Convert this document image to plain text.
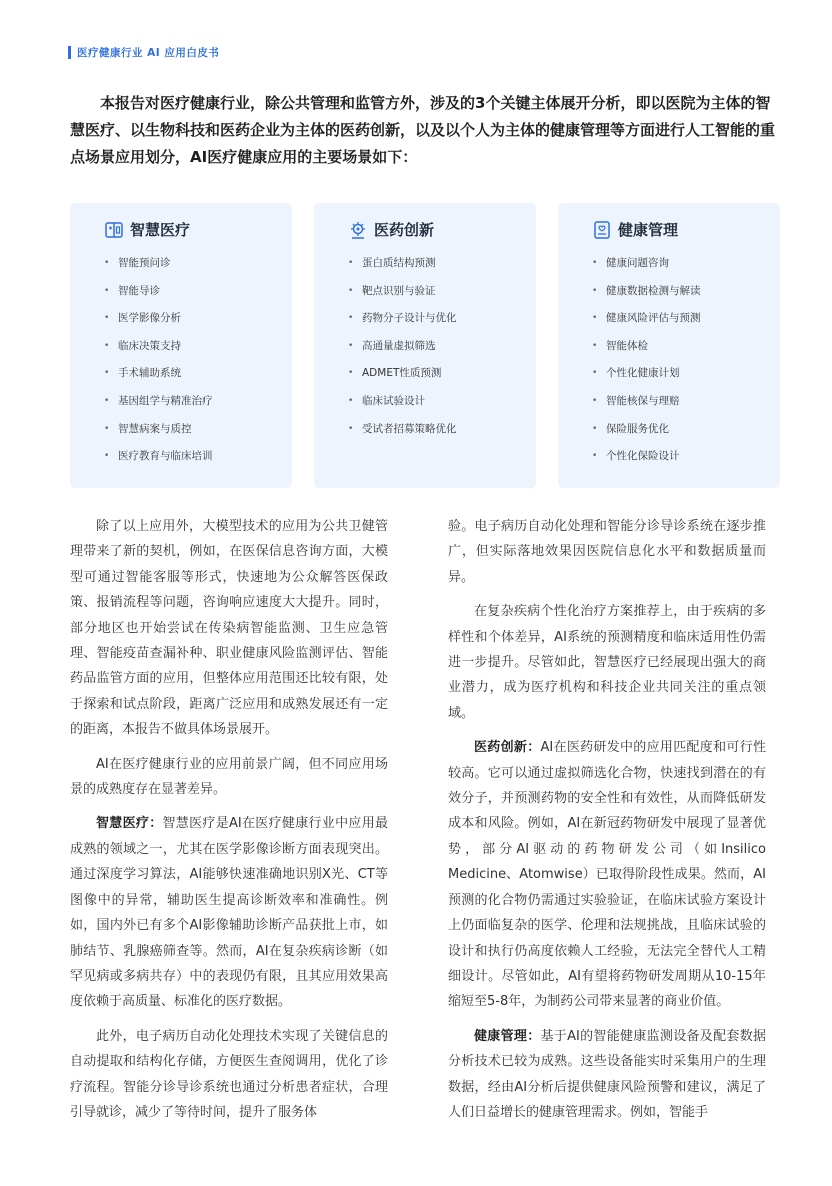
医疗健康行业 AI 应用白皮书

本报告对医疗健康行业，除公共管理和监管方外，涉及的3个关键主体展开分析，即以医院为主体的智慧医疗、以生物科技和医药企业为主体的医药创新，以及以个人为主体的健康管理等方面进行人工智能的重点场景应用划分，AI医疗健康应用的主要场景如下：

智慧医疗
• 智能预问诊
• 智能导诊
• 医学影像分析
• 临床决策支持
• 手术辅助系统
• 基因组学与精准治疗
• 智慧病案与质控
• 医疗教育与临床培训
医药创新
• 蛋白质结构预测
• 靶点识别与验证
• 药物分子设计与优化
• 高通量虚拟筛选
• ADMET性质预测
• 临床试验设计
• 受试者招募策略优化
健康管理
• 健康问题咨询
• 健康数据检测与解读
• 健康风险评估与预测
• 智能体检
• 个性化健康计划
• 智能核保与理赔
• 保险服务优化
• 个性化保险设计

除了以上应用外，大模型技术的应用为公共卫健管理带来了新的契机，例如，在医保信息咨询方面，大模型可通过智能客服等形式，快速地为公众解答医保政策、报销流程等问题，咨询响应速度大大提升。同时，部分地区也开始尝试在传染病智能监测、卫生应急管理、智能疫苗查漏补种、职业健康风险监测评估、智能药品监管方面的应用，但整体应用范围还比较有限，处于探索和试点阶段，距离广泛应用和成熟发展还有一定的距离，本报告不做具体场景展开。

AI在医疗健康行业的应用前景广阔，但不同应用场景的成熟度存在显著差异。

智慧医疗：智慧医疗是AI在医疗健康行业中应用最成熟的领域之一，尤其在医学影像诊断方面表现突出。通过深度学习算法，AI能够快速准确地识别X光、CT等图像中的异常，辅助医生提高诊断效率和准确性。例如，国内外已有多个AI影像辅助诊断产品获批上市，如肺结节、乳腺癌筛查等。然而，AI在复杂疾病诊断（如罕见病或多病共存）中的表现仍有限，且其应用效果高度依赖于高质量、标准化的医疗数据。

此外，电子病历自动化处理技术实现了关键信息的自动提取和结构化存储，方便医生查阅调用，优化了诊疗流程。智能分诊导诊系统也通过分析患者症状，合理引导就诊，减少了等待时间，提升了服务体

验。电子病历自动化处理和智能分诊导诊系统在逐步推广，但实际落地效果因医院信息化水平和数据质量而异。

在复杂疾病个性化治疗方案推荐上，由于疾病的多样性和个体差异，AI系统的预测精度和临床适用性仍需进一步提升。尽管如此，智慧医疗已经展现出强大的商业潜力，成为医疗机构和科技企业共同关注的重点领域。

医药创新：AI在医药研发中的应用匹配度和可行性较高。它可以通过虚拟筛选化合物，快速找到潜在的有效分子，并预测药物的安全性和有效性，从而降低研发成本和风险。例如，AI在新冠药物研发中展现了显著优势，部分AI驱动的药物研发公司（如Insilico Medicine、Atomwise）已取得阶段性成果。然而，AI预测的化合物仍需通过实验验证，在临床试验方案设计上仍面临复杂的医学、伦理和法规挑战，且临床试验的设计和执行仍高度依赖人工经验，无法完全替代人工精细设计。尽管如此，AI有望将药物研发周期从10-15年缩短至5-8年，为制药公司带来显著的商业价值。

健康管理：基于AI的智能健康监测设备及配套数据分析技术已较为成熟。这些设备能实时采集用户的生理数据，经由AI分析后提供健康风险预警和建议，满足了人们日益增长的健康管理需求。例如，智能手
